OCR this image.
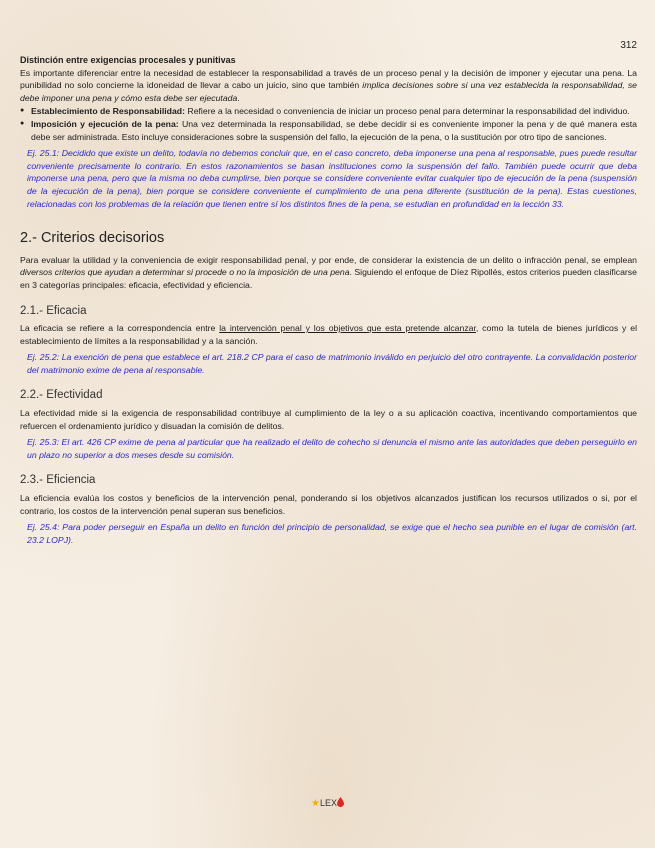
312
Distinción entre exigencias procesales y punitivas

Es importante diferenciar entre la necesidad de establecer la responsabilidad a través de un proceso penal y la decisión de imponer y ejecutar una pena. La punibilidad no solo concierne la idoneidad de llevar a cabo un juicio, sino que también implica decisiones sobre si una vez establecida la responsabilidad, se debe imponer una pena y cómo esta debe ser ejecutada.

● Establecimiento de Responsabilidad: Refiere a la necesidad o conveniencia de iniciar un proceso penal para determinar la responsabilidad del individuo.
● Imposición y ejecución de la pena: Una vez determinada la responsabilidad, se debe decidir si es conveniente imponer la pena y de qué manera esta debe ser administrada. Esto incluye consideraciones sobre la suspensión del fallo, la ejecución de la pena, o la sustitución por otro tipo de sanciones.

Ej. 25.1: Decidido que existe un delito, todavía no debemos concluir que, en el caso concreto, deba imponerse una pena al responsable, pues puede resultar conveniente precisamente lo contrario. En estos razonamientos se basan instituciones como la suspensión del fallo. También puede ocurrir que deba imponerse una pena, pero que la misma no deba cumplirse, bien porque se considere conveniente evitar cualquier tipo de ejecución de la pena (suspensión de la ejecución de la pena), bien porque se considere conveniente el cumplimiento de una pena diferente (sustitución de la pena). Estas cuestiones, relacionadas con los problemas de la relación que tienen entre sí los distintos fines de la pena, se estudian en profundidad en la lección 33.

2.- Criterios decisorios

Para evaluar la utilidad y la conveniencia de exigir responsabilidad penal, y por ende, de considerar la existencia de un delito o infracción penal, se emplean diversos criterios que ayudan a determinar si procede o no la imposición de una pena. Siguiendo el enfoque de Díez Ripollés, estos criterios pueden clasificarse en 3 categorías principales: eficacia, efectividad y eficiencia.

2.1.- Eficacia

La eficacia se refiere a la correspondencia entre la intervención penal y los objetivos que esta pretende alcanzar, como la tutela de bienes jurídicos y el establecimiento de límites a la responsabilidad y a la sanción.

Ej. 25.2: La exención de pena que establece el art. 218.2 CP para el caso de matrimonio inválido en perjuicio del otro contrayente. La convalidación posterior del matrimonio exime de pena al responsable.

2.2.- Efectividad

La efectividad mide si la exigencia de responsabilidad contribuye al cumplimiento de la ley o a su aplicación coactiva, incentivando comportamientos que refuercen el ordenamiento jurídico y disuadan la comisión de delitos.

Ej. 25.3: El art. 426 CP exime de pena al particular que ha realizado el delito de cohecho si denuncia el mismo ante las autoridades que deben perseguirlo en un plazo no superior a dos meses desde su comisión.

2.3.- Eficiencia

La eficiencia evalúa los costos y beneficios de la intervención penal, ponderando si los objetivos alcanzados justifican los recursos utilizados o si, por el contrario, los costos de la intervención penal superan sus beneficios.

Ej. 25.4: Para poder perseguir en España un delito en función del principio de personalidad, se exige que el hecho sea punible en el lugar de comisión (art. 23.2 LOPJ).

★LEX
